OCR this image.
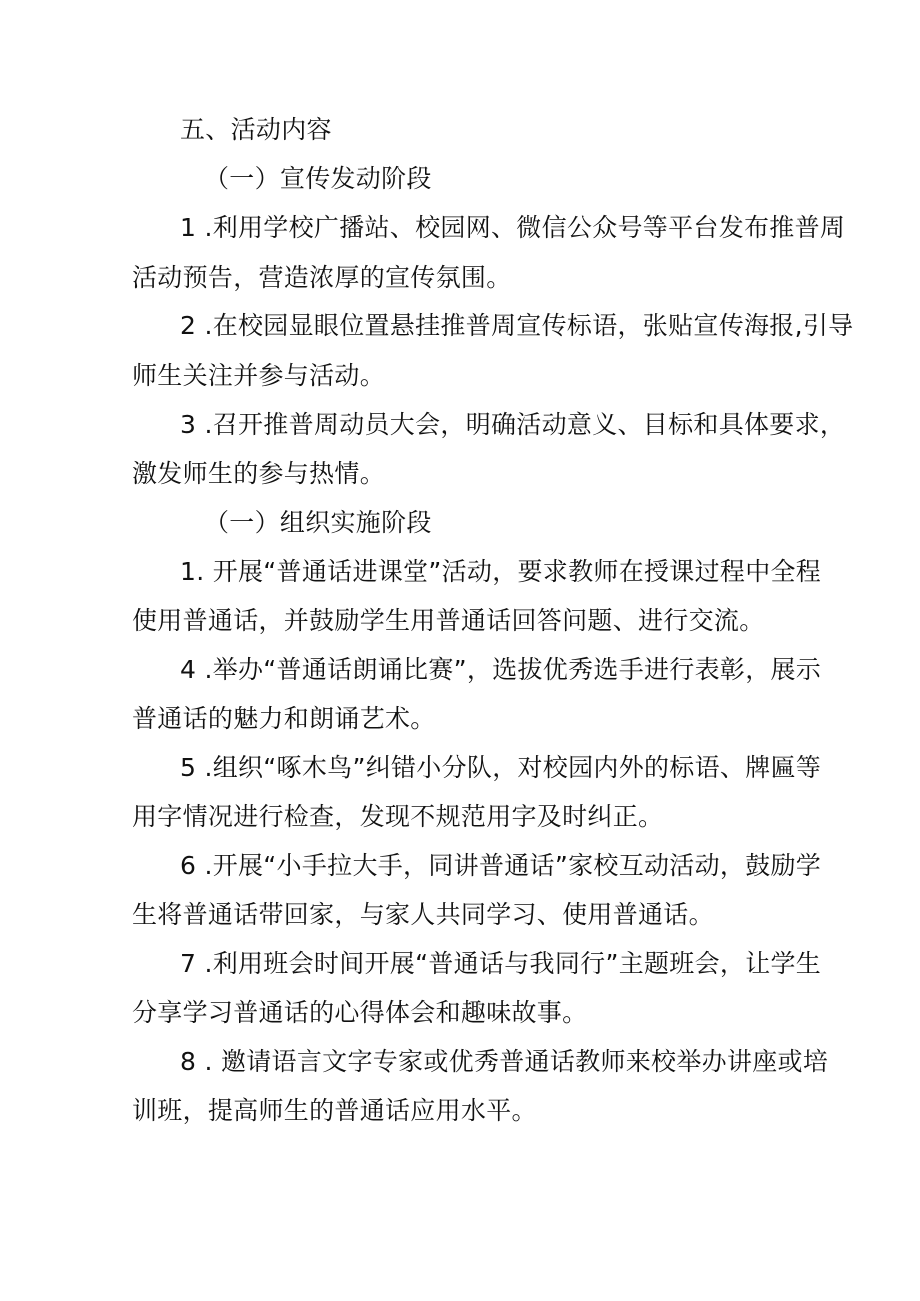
五、活动内容
（一）宣传发动阶段
1 .利用学校广播站、校园网、微信公众号等平台发布推普周
活动预告，营造浓厚的宣传氛围。
2 .在校园显眼位置悬挂推普周宣传标语，张贴宣传海报,引导
师生关注并参与活动。
3 .召开推普周动员大会，明确活动意义、目标和具体要求，
激发师生的参与热情。
（一）组织实施阶段
1. 开展“普通话进课堂”活动，要求教师在授课过程中全程
使用普通话，并鼓励学生用普通话回答问题、进行交流。
4 .举办“普通话朗诵比赛”，选拔优秀选手进行表彰，展示
普通话的魅力和朗诵艺术。
5 .组织“啄木鸟”纠错小分队，对校园内外的标语、牌匾等
用字情况进行检查，发现不规范用字及时纠正。
6 .开展“小手拉大手，同讲普通话”家校互动活动，鼓励学
生将普通话带回家，与家人共同学习、使用普通话。
7 .利用班会时间开展“普通话与我同行”主题班会，让学生
分享学习普通话的心得体会和趣味故事。
8 . 邀请语言文字专家或优秀普通话教师来校举办讲座或培
训班，提高师生的普通话应用水平。
